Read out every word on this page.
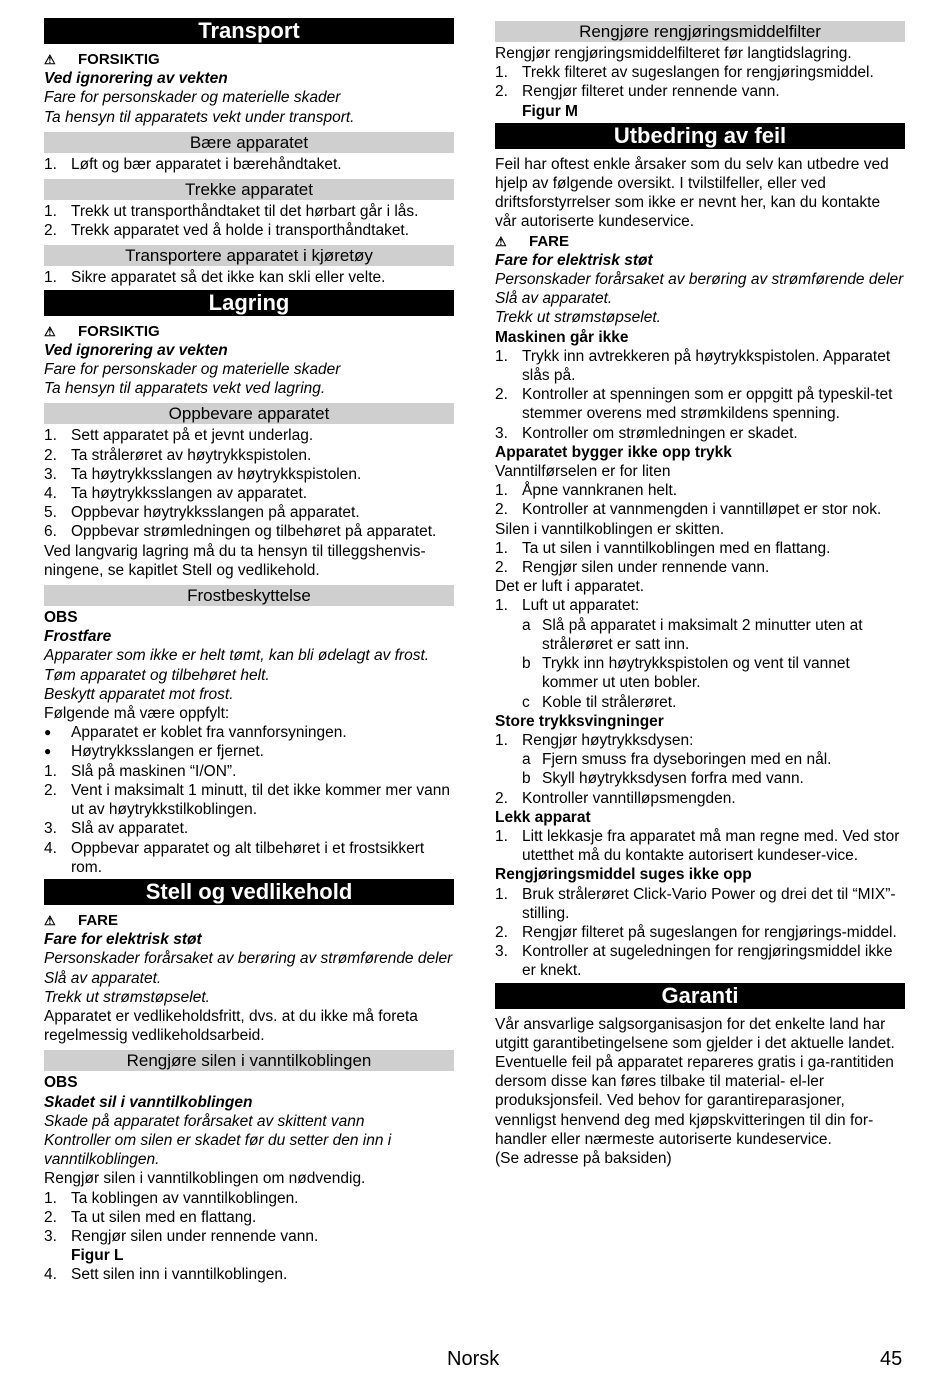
Transport
⚠	FORSIKTIG
Ved ignorering av vekten
Fare for personskader og materielle skader
Ta hensyn til apparatets vekt under transport.
Bære apparatet
1. Løft og bær apparatet i bærehåndtaket.
Trekke apparatet
1. Trekk ut transporthåndtaket til det hørbart går i lås.
2. Trekk apparatet ved å holde i transporthåndtaket.
Transportere apparatet i kjøretøy
1. Sikre apparatet så det ikke kan skli eller velte.
Lagring
⚠	FORSIKTIG
Ved ignorering av vekten
Fare for personskader og materielle skader
Ta hensyn til apparatets vekt ved lagring.
Oppbevare apparatet
1. Sett apparatet på et jevnt underlag.
2. Ta strålerøret av høytrykkspistolen.
3. Ta høytrykksslangen av høytrykkspistolen.
4. Ta høytrykksslangen av apparatet.
5. Oppbevar høytrykksslangen på apparatet.
6. Oppbevar strømledningen og tilbehøret på apparatet.
Ved langvarig lagring må du ta hensyn til tilleggshenvis-ningene, se kapitlet Stell og vedlikehold.
Frostbeskyttelse
OBS
Frostfare
Apparater som ikke er helt tømt, kan bli ødelagt av frost.
Tøm apparatet og tilbehøret helt.
Beskytt apparatet mot frost.
Følgende må være oppfylt:
●	Apparatet er koblet fra vannforsyningen.
●	Høytrykksslangen er fjernet.
1. Slå på maskinen “I/ON”.
2. Vent i maksimalt 1 minutt, til det ikke kommer mer vann ut av høytrykkstilkoblingen.
3. Slå av apparatet.
4. Oppbevar apparatet og alt tilbehøret i et frostsikkert rom.
Stell og vedlikehold
⚠	FARE
Fare for elektrisk støt
Personskader forårsaket av berøring av strømførende deler
Slå av apparatet.
Trekk ut strømstøpselet.
Apparatet er vedlikeholdsfritt, dvs. at du ikke må foreta regelmessig vedlikeholdsarbeid.
Rengjøre silen i vanntilkoblingen
OBS
Skadet sil i vanntilkoblingen
Skade på apparatet forårsaket av skittent vann
Kontroller om silen er skadet før du setter den inn i vanntilkoblingen.
Rengjør silen i vanntilkoblingen om nødvendig.
1. Ta koblingen av vanntilkoblingen.
2. Ta ut silen med en flattang.
3. Rengjør silen under rennende vann.
Figur L
4. Sett silen inn i vanntilkoblingen.
Rengjøre rengjøringsmiddelfilter
Rengjør rengjøringsmiddelfilteret før langtidslagring.
1. Trekk filteret av sugeslangen for rengjøringsmiddel.
2. Rengjør filteret under rennende vann.
Figur M
Utbedring av feil
Feil har oftest enkle årsaker som du selv kan utbedre ved hjelp av følgende oversikt. I tvilstilfeller, eller ved driftsforstyrrelser som ikke er nevnt her, kan du kontakte vår autoriserte kundeservice.
⚠	FARE
Fare for elektrisk støt
Personskader forårsaket av berøring av strømførende deler
Slå av apparatet.
Trekk ut strømstøpselet.
Maskinen går ikke
1. Trykk inn avtrekkeren på høytrykkspistolen. Apparatet slås på.
2. Kontroller at spenningen som er oppgitt på typeskil-tet stemmer overens med strømkildens spenning.
3. Kontroller om strømledningen er skadet.
Apparatet bygger ikke opp trykk
Vanntilførselen er for liten
1. Åpne vannkranen helt.
2. Kontroller at vannmengden i vanntilløpet er stor nok.
Silen i vanntilkoblingen er skitten.
1. Ta ut silen i vanntilkoblingen med en flattang.
2. Rengjør silen under rennende vann.
Det er luft i apparatet.
1. Luft ut apparatet:
a Slå på apparatet i maksimalt 2 minutter uten at strålerøret er satt inn.
b Trykk inn høytrykkspistolen og vent til vannet kommer ut uten bobler.
c Koble til strålerøret.
Store trykksvingninger
1. Rengjør høytrykksdysen:
a Fjern smuss fra dyseboringen med en nål.
b Skyll høytrykksdysen forfra med vann.
2. Kontroller vanntilløpsmengden.
Lekk apparat
1. Litt lekkasje fra apparatet må man regne med. Ved stor utetthet må du kontakte autorisert kundeser-vice.
Rengjøringsmiddel suges ikke opp
1. Bruk strålerøret Click-Vario Power og drei det til “MIX”-stilling.
2. Rengjør filteret på sugeslangen for rengjørings-middel.
3. Kontroller at sugeledningen for rengjøringsmiddel ikke er knekt.
Garanti
Vår ansvarlige salgsorganisasjon for det enkelte land har utgitt garantibetingelsene som gjelder i det aktuelle landet. Eventuelle feil på apparatet repareres gratis i ga-rantitiden dersom disse kan føres tilbake til material- el-ler produksjonsfeil. Ved behov for garantireparasjoner, vennligst henvend deg med kjøpskvitteringen til din for-handler eller nærmeste autoriserte kundeservice.
(Se adresse på baksiden)
Norsk	45
